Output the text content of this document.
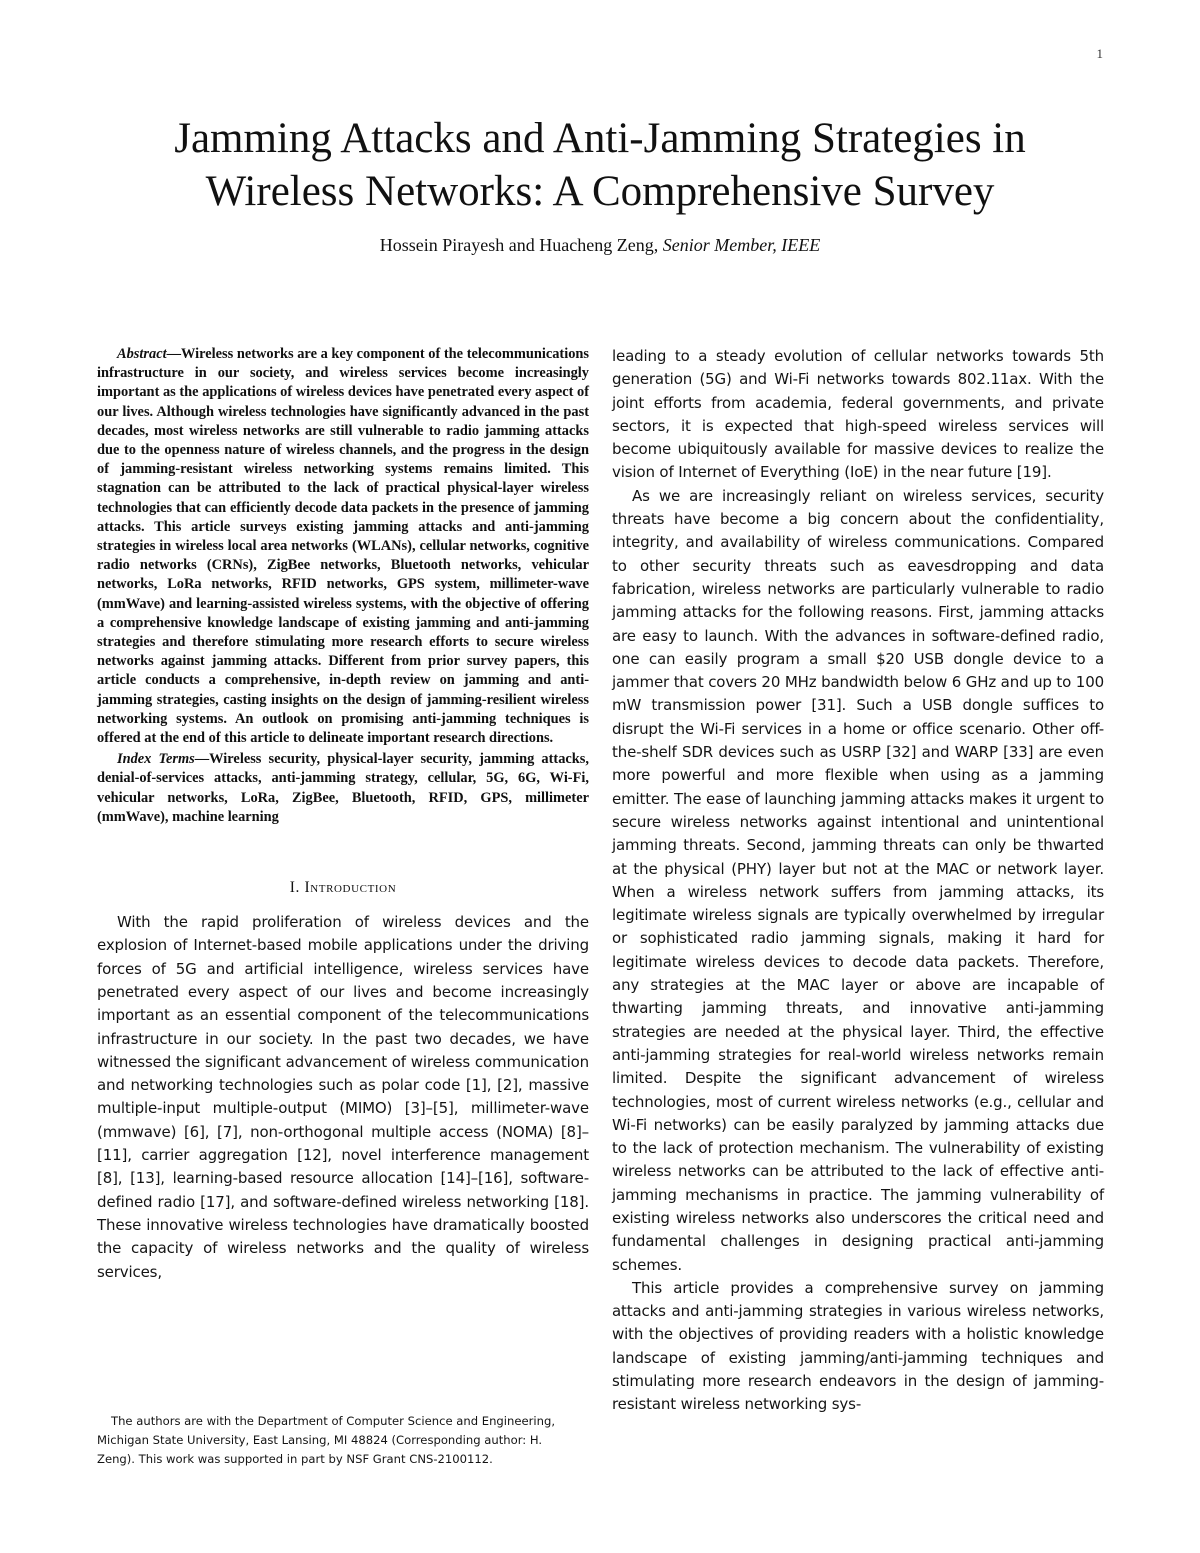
1
Jamming Attacks and Anti-Jamming Strategies in
Wireless Networks: A Comprehensive Survey
Hossein Pirayesh and Huacheng Zeng, Senior Member, IEEE

Abstract—Wireless networks are a key component of the telecommunications infrastructure in our society, and wireless services become increasingly important as the applications of wireless devices have penetrated every aspect of our lives. Although wireless technologies have significantly advanced in the past decades, most wireless networks are still vulnerable to radio jamming attacks due to the openness nature of wireless channels, and the progress in the design of jamming-resistant wireless networking systems remains limited. This stagnation can be attributed to the lack of practical physical-layer wireless technologies that can efficiently decode data packets in the presence of jamming attacks. This article surveys existing jamming attacks and anti-jamming strategies in wireless local area networks (WLANs), cellular networks, cognitive radio networks (CRNs), ZigBee networks, Bluetooth networks, vehicular networks, LoRa networks, RFID networks, GPS system, millimeter-wave (mmWave) and learning-assisted wireless systems, with the objective of offering a comprehensive knowledge landscape of existing jamming and anti-jamming strategies and therefore stimulating more research efforts to secure wireless networks against jamming attacks. Different from prior survey papers, this article conducts a comprehensive, in-depth review on jamming and anti-jamming strategies, casting insights on the design of jamming-resilient wireless networking systems. An outlook on promising anti-jamming techniques is offered at the end of this article to delineate important research directions.

Index Terms—Wireless security, physical-layer security, jamming attacks, denial-of-services attacks, anti-jamming strategy, cellular, 5G, 6G, Wi-Fi, vehicular networks, LoRa, ZigBee, Bluetooth, RFID, GPS, millimeter (mmWave), machine learning

I. Introduction

With the rapid proliferation of wireless devices and the explosion of Internet-based mobile applications under the driving forces of 5G and artificial intelligence, wireless services have penetrated every aspect of our lives and become increasingly important as an essential component of the telecommunications infrastructure in our society. In the past two decades, we have witnessed the significant advancement of wireless communication and networking technologies such as polar code [1], [2], massive multiple-input multiple-output (MIMO) [3]–[5], millimeter-wave (mmwave) [6], [7], non-orthogonal multiple access (NOMA) [8]–[11], carrier aggregation [12], novel interference management [8], [13], learning-based resource allocation [14]–[16], software-defined radio [17], and software-defined wireless networking [18]. These innovative wireless technologies have dramatically boosted the capacity of wireless networks and the quality of wireless services,

leading to a steady evolution of cellular networks towards 5th generation (5G) and Wi-Fi networks towards 802.11ax. With the joint efforts from academia, federal governments, and private sectors, it is expected that high-speed wireless services will become ubiquitously available for massive devices to realize the vision of Internet of Everything (IoE) in the near future [19].

As we are increasingly reliant on wireless services, security threats have become a big concern about the confidentiality, integrity, and availability of wireless communications. Compared to other security threats such as eavesdropping and data fabrication, wireless networks are particularly vulnerable to radio jamming attacks for the following reasons. First, jamming attacks are easy to launch. With the advances in software-defined radio, one can easily program a small $20 USB dongle device to a jammer that covers 20 MHz bandwidth below 6 GHz and up to 100 mW transmission power [31]. Such a USB dongle suffices to disrupt the Wi-Fi services in a home or office scenario. Other off-the-shelf SDR devices such as USRP [32] and WARP [33] are even more powerful and more flexible when using as a jamming emitter. The ease of launching jamming attacks makes it urgent to secure wireless networks against intentional and unintentional jamming threats. Second, jamming threats can only be thwarted at the physical (PHY) layer but not at the MAC or network layer. When a wireless network suffers from jamming attacks, its legitimate wireless signals are typically overwhelmed by irregular or sophisticated radio jamming signals, making it hard for legitimate wireless devices to decode data packets. Therefore, any strategies at the MAC layer or above are incapable of thwarting jamming threats, and innovative anti-jamming strategies are needed at the physical layer. Third, the effective anti-jamming strategies for real-world wireless networks remain limited. Despite the significant advancement of wireless technologies, most of current wireless networks (e.g., cellular and Wi-Fi networks) can be easily paralyzed by jamming attacks due to the lack of protection mechanism. The vulnerability of existing wireless networks can be attributed to the lack of effective anti-jamming mechanisms in practice. The jamming vulnerability of existing wireless networks also underscores the critical need and fundamental challenges in designing practical anti-jamming schemes.

This article provides a comprehensive survey on jamming attacks and anti-jamming strategies in various wireless networks, with the objectives of providing readers with a holistic knowledge landscape of existing jamming/anti-jamming techniques and stimulating more research endeavors in the design of jamming-resistant wireless networking sys-

The authors are with the Department of Computer Science and Engineering, Michigan State University, East Lansing, MI 48824 (Corresponding author: H. Zeng). This work was supported in part by NSF Grant CNS-2100112.
